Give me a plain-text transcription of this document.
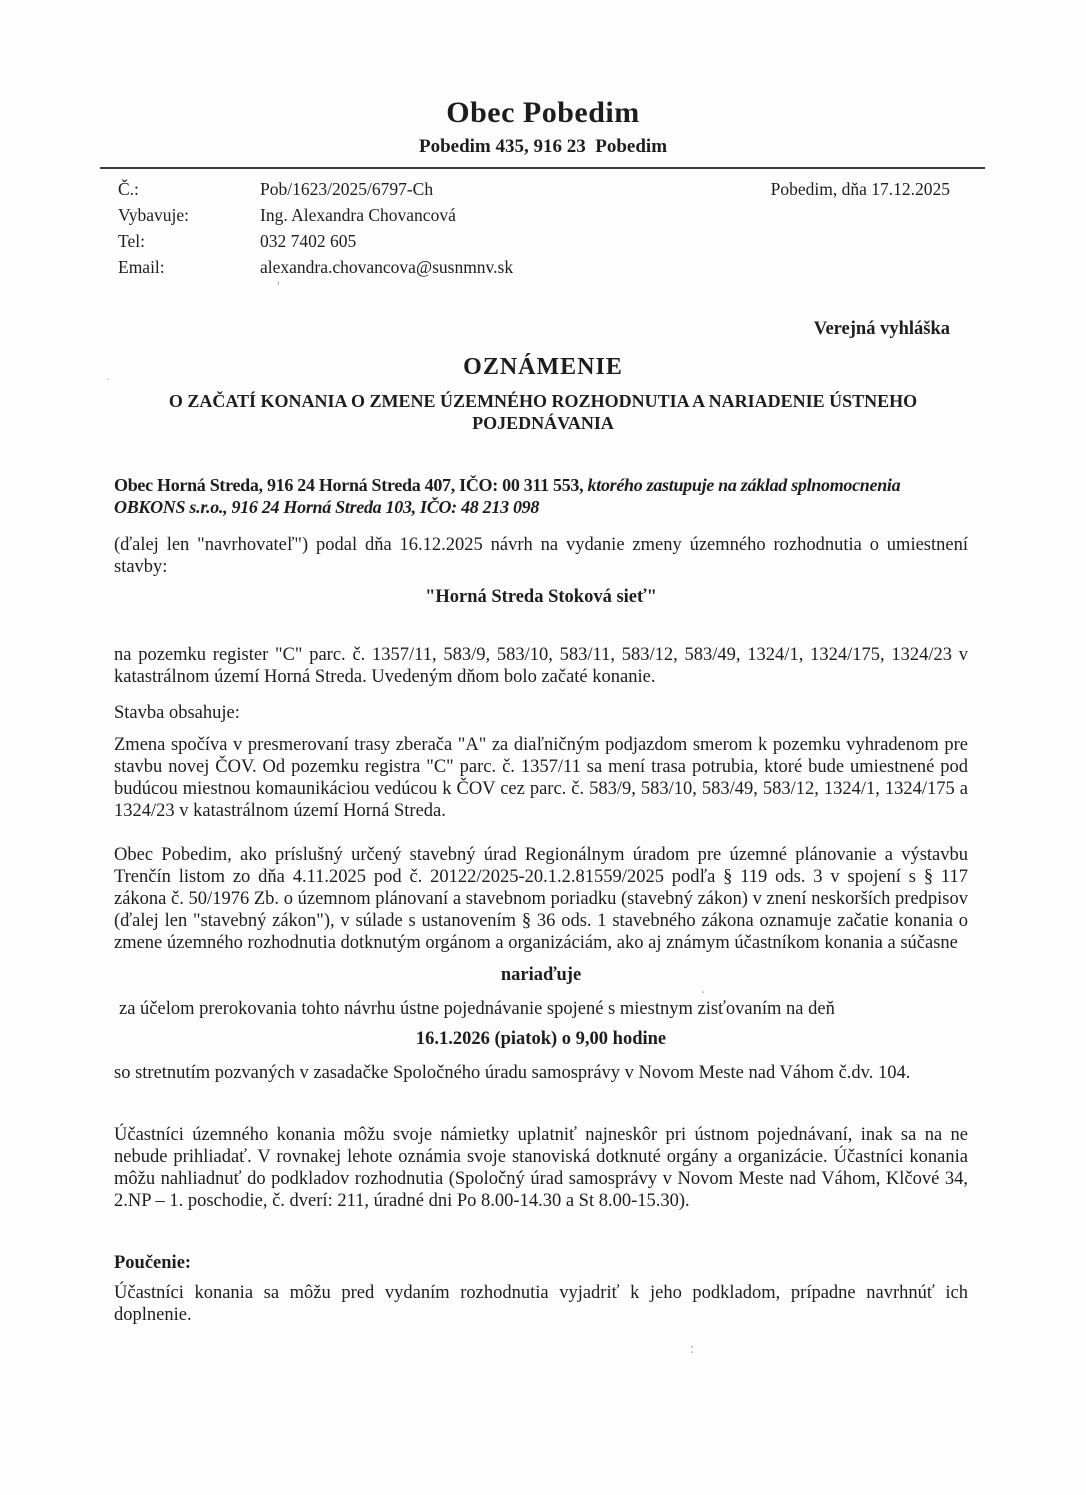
Obec Pobedim
Pobedim 435, 916 23  Pobedim
Pobedim, dňa 17.12.2025
Č.:	Pob/1623/2025/6797-Ch
Vybavuje:	Ing. Alexandra Chovancová
Tel:	032 7402 605
Email:	alexandra.chovancova@susnmnv.sk
Verejná vyhláška
OZNÁMENIE
O ZAČATÍ KONANIA O ZMENE ÚZEMNÉHO ROZHODNUTIA A NARIADENIE ÚSTNEHO
POJEDNÁVANIA

Obec Horná Streda, 916 24 Horná Streda 407, IČO: 00 311 553, ktorého zastupuje na základ splnomocnenia
OBKONS s.r.o., 916 24 Horná Streda 103, IČO: 48 213 098

(ďalej len "navrhovateľ") podal dňa 16.12.2025 návrh na vydanie zmeny územného rozhodnutia o umiestnení stavby:

"Horná Streda Stoková sieť"

na pozemku register "C" parc. č. 1357/11, 583/9, 583/10, 583/11, 583/12, 583/49, 1324/1, 1324/175, 1324/23 v katastrálnom území Horná Streda. Uvedeným dňom bolo začaté konanie.

Stavba obsahuje:

Zmena spočíva v presmerovaní trasy zberača "A" za diaľničným podjazdom smerom k pozemku vyhradenom pre stavbu novej ČOV. Od pozemku registra "C" parc. č. 1357/11 sa mení trasa potrubia, ktoré bude umiestnené pod budúcou miestnou komaunikáciou vedúcou k ČOV cez parc. č. 583/9, 583/10, 583/49, 583/12, 1324/1, 1324/175 a 1324/23 v katastrálnom území Horná Streda.

Obec Pobedim, ako príslušný určený stavebný úrad Regionálnym úradom pre územné plánovanie a výstavbu Trenčín listom zo dňa 4.11.2025 pod č. 20122/2025-20.1.2.81559/2025 podľa § 119 ods. 3 v spojení s § 117 zákona č. 50/1976 Zb. o územnom plánovaní a stavebnom poriadku (stavebný zákon) v znení neskorších predpisov (ďalej len "stavebný zákon"), v súlade s ustanovením § 36 ods. 1 stavebného zákona oznamuje začatie konania o zmene územného rozhodnutia dotknutým orgánom a organizáciám, ako aj známym účastníkom konania a súčasne

nariaďuje

za účelom prerokovania tohto návrhu ústne pojednávanie spojené s miestnym zisťovaním na deň

16.1.2026 (piatok) o 9,00 hodine

so stretnutím pozvaných v zasadačke Spoločného úradu samosprávy v Novom Meste nad Váhom č.dv. 104.

Účastníci územného konania môžu svoje námietky uplatniť najneskôr pri ústnom pojednávaní, inak sa na ne nebude prihliadať. V rovnakej lehote oznámia svoje stanoviská dotknuté orgány a organizácie. Účastníci konania môžu nahliadnuť do podkladov rozhodnutia (Spoločný úrad samosprávy v Novom Meste nad Váhom, Klčové 34, 2.NP – 1. poschodie, č. dverí: 211, úradné dni Po 8.00-14.30 a St 8.00-15.30).

Poučenie:

Účastníci konania sa môžu pred vydaním rozhodnutia vyjadriť k jeho podkladom, prípadne navrhnúť ich doplnenie.

'
·
.
:
